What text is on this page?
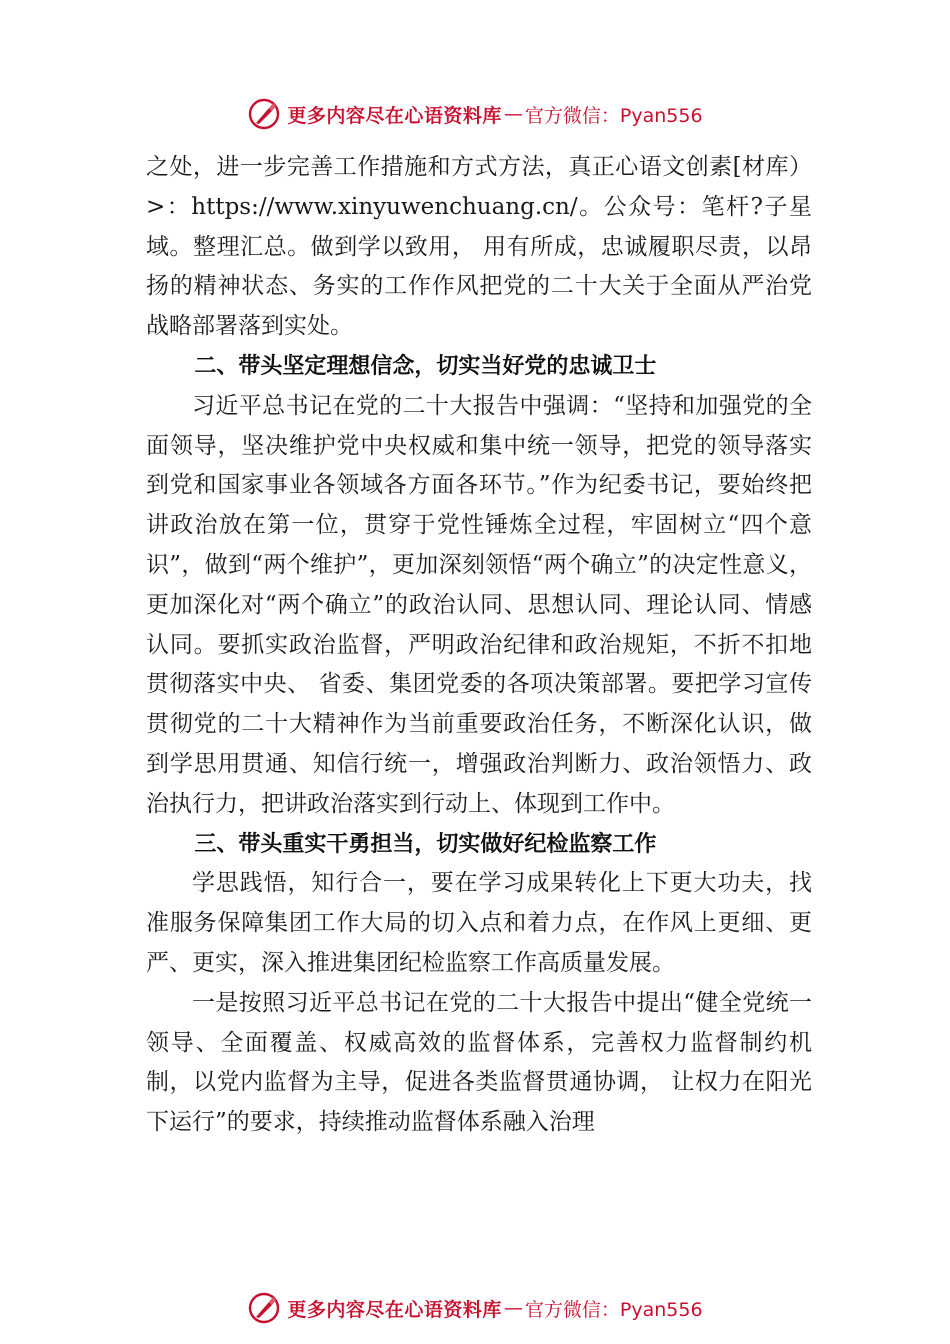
更多内容尽在心语资料库 — 官方微信：Pyan556

之处，进一步完善工作措施和方式方法，真正心语文创素[材库）>：https://www.xinyuwenchuang.cn/。公众号：笔杆?子星域。整理汇总。做到学以致用， 用有所成，忠诚履职尽责，以昂扬的精神状态、务实的工作作风把党的二十大关于全面从严治党战略部署落到实处。

二、带头坚定理想信念，切实当好党的忠诚卫士

习近平总书记在党的二十大报告中强调：“坚持和加强党的全面领导，坚决维护党中央权威和集中统一领导，把党的领导落实到党和国家事业各领域各方面各环节。”作为纪委书记，要始终把讲政治放在第一位，贯穿于党性锤炼全过程，牢固树立“四个意识”，做到“两个维护”，更加深刻领悟“两个确立”的决定性意义，更加深化对“两个确立”的政治认同、思想认同、理论认同、情感认同。要抓实政治监督，严明政治纪律和政治规矩，不折不扣地贯彻落实中央、 省委、集团党委的各项决策部署。要把学习宣传贯彻党的二十大精神作为当前重要政治任务，不断深化认识，做到学思用贯通、知信行统一，增强政治判断力、政治领悟力、政治执行力，把讲政治落实到行动上、体现到工作中。

三、带头重实干勇担当，切实做好纪检监察工作

学思践悟，知行合一，要在学习成果转化上下更大功夫，找准服务保障集团工作大局的切入点和着力点，在作风上更细、更严、更实，深入推进集团纪检监察工作高质量发展。

一是按照习近平总书记在党的二十大报告中提出“健全党统一领导、全面覆盖、权威高效的监督体系，完善权力监督制约机制，以党内监督为主导，促进各类监督贯通协调， 让权力在阳光下运行”的要求，持续推动监督体系融入治理

更多内容尽在心语资料库 — 官方微信：Pyan556
